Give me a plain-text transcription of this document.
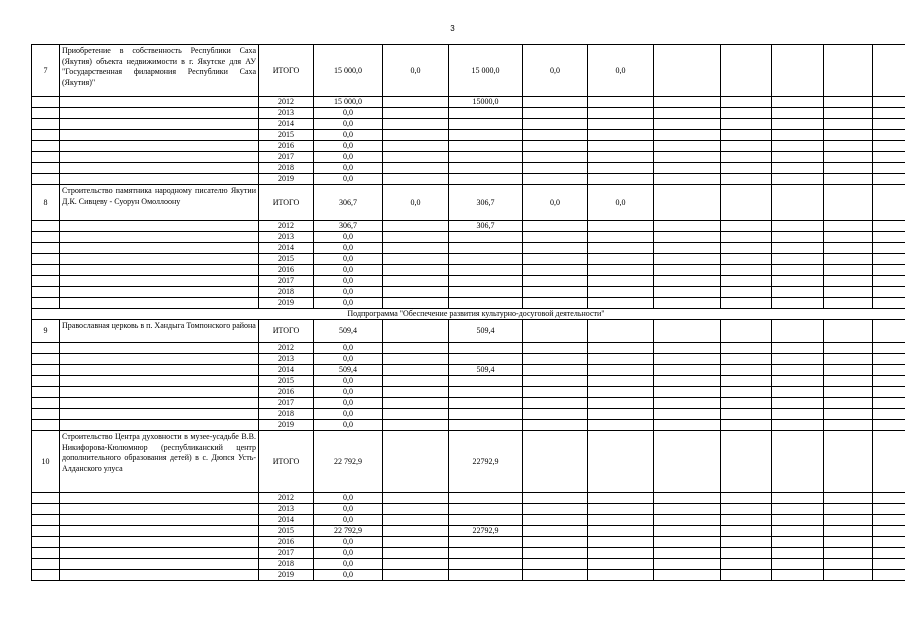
3
7	Приобретение в собственность Республики Саха (Якутия) объекта недвижимости в г. Якутске для АУ "Государственная филармония Республики Саха (Якутия)"	ИТОГО	15 000,0	0,0	15 000,0	0,0	0,0					
		2012	15 000,0		15000,0							
		2013	0,0									
		2014	0,0									
		2015	0,0									
		2016	0,0									
		2017	0,0									
		2018	0,0									
		2019	0,0									
8	Строительство памятника народному писателю Якутии Д.К. Сивцеву - Суорун Омоллоону	ИТОГО	306,7	0,0	306,7	0,0	0,0					
		2012	306,7		306,7							
		2013	0,0									
		2014	0,0									
		2015	0,0									
		2016	0,0									
		2017	0,0									
		2018	0,0									
		2019	0,0									
Подпрограмма "Обеспечение развития культурно-досуговой деятельности"												
9	Православная церковь в п. Хандыга Томпонского района	ИТОГО	509,4		509,4							
		2012	0,0									
		2013	0,0									
		2014	509,4		509,4							
		2015	0,0									
		2016	0,0									
		2017	0,0									
		2018	0,0									
		2019	0,0									
10	Строительство Центра духовности в музее-усадьбе В.В. Никифорова-Кюлюмнюр (республиканский центр дополнительного образования детей) в с. Дюпся Усть-Алданского улуса	ИТОГО	22 792,9		22792,9							
		2012	0,0									
		2013	0,0									
		2014	0,0									
		2015	22 792,9		22792,9							
		2016	0,0									
		2017	0,0									
		2018	0,0									
		2019	0,0									
